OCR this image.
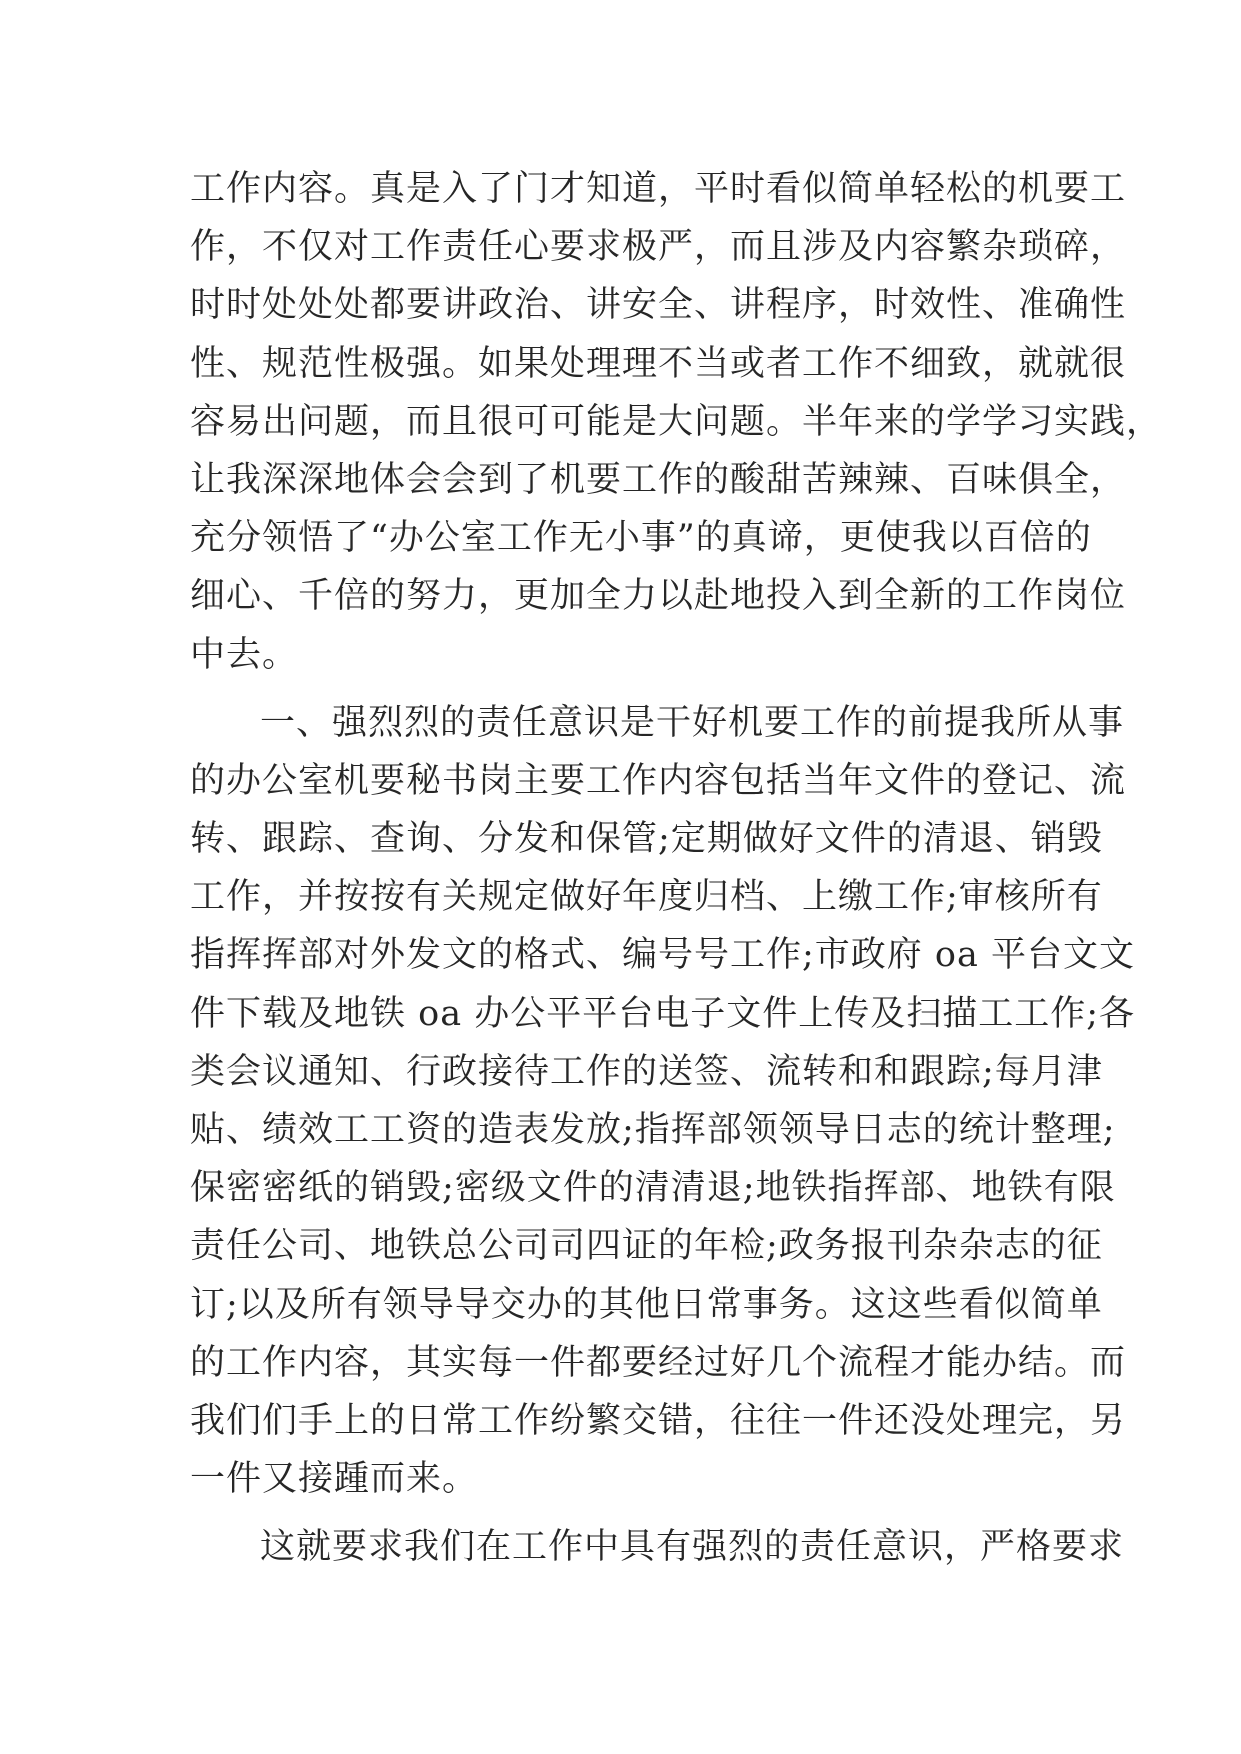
工作内容。真是入了门才知道，平时看似简单轻松的机要工
作，不仅对工作责任心要求极严，而且涉及内容繁杂琐碎，
时时处处处都要讲政治、讲安全、讲程序，时效性、准确性
性、规范性极强。如果处理理不当或者工作不细致，就就很
容易出问题，而且很可可能是大问题。半年来的学学习实践，
让我深深地体会会到了机要工作的酸甜苦辣辣、百味俱全，
充分领悟了“办公室工作无小事”的真谛，更使我以百倍的
细心、千倍的努力，更加全力以赴地投入到全新的工作岗位
中去。
一、强烈烈的责任意识是干好机要工作的前提我所从事
的办公室机要秘书岗主要工作内容包括当年文件的登记、流
转、跟踪、查询、分发和保管;定期做好文件的清退、销毁
工作，并按按有关规定做好年度归档、上缴工作;审核所有
指挥挥部对外发文的格式、编号号工作;市政府 oa 平台文文
件下载及地铁 oa 办公平平台电子文件上传及扫描工工作;各
类会议通知、行政接待工作的送签、流转和和跟踪;每月津
贴、绩效工工资的造表发放;指挥部领领导日志的统计整理;
保密密纸的销毁;密级文件的清清退;地铁指挥部、地铁有限
责任公司、地铁总公司司四证的年检;政务报刊杂杂志的征
订;以及所有领导导交办的其他日常事务。这这些看似简单
的工作内容，其实每一件都要经过好几个流程才能办结。而
我们们手上的日常工作纷繁交错，往往一件还没处理完，另
一件又接踵而来。
这就要求我们在工作中具有强烈的责任意识，严格要求
